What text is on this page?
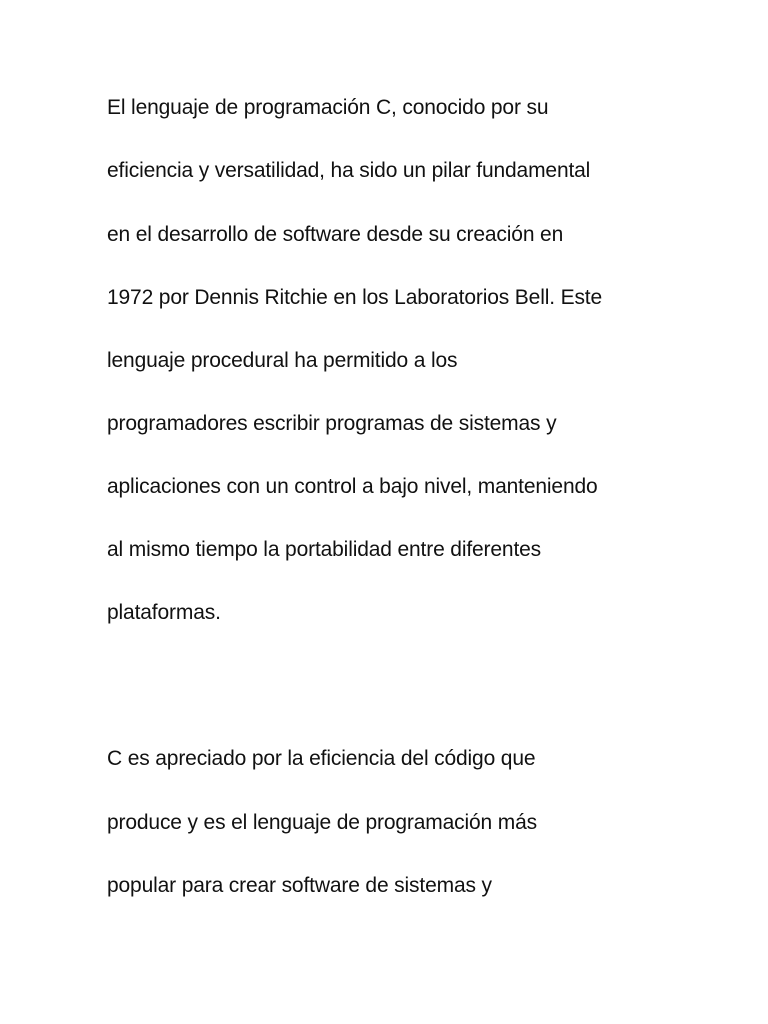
El lenguaje de programación C, conocido por su

eficiencia y versatilidad, ha sido un pilar fundamental

en el desarrollo de software desde su creación en

1972 por Dennis Ritchie en los Laboratorios Bell. Este

lenguaje procedural ha permitido a los

programadores escribir programas de sistemas y

aplicaciones con un control a bajo nivel, manteniendo

al mismo tiempo la portabilidad entre diferentes

plataformas.

C es apreciado por la eficiencia del código que

produce y es el lenguaje de programación más

popular para crear software de sistemas y
